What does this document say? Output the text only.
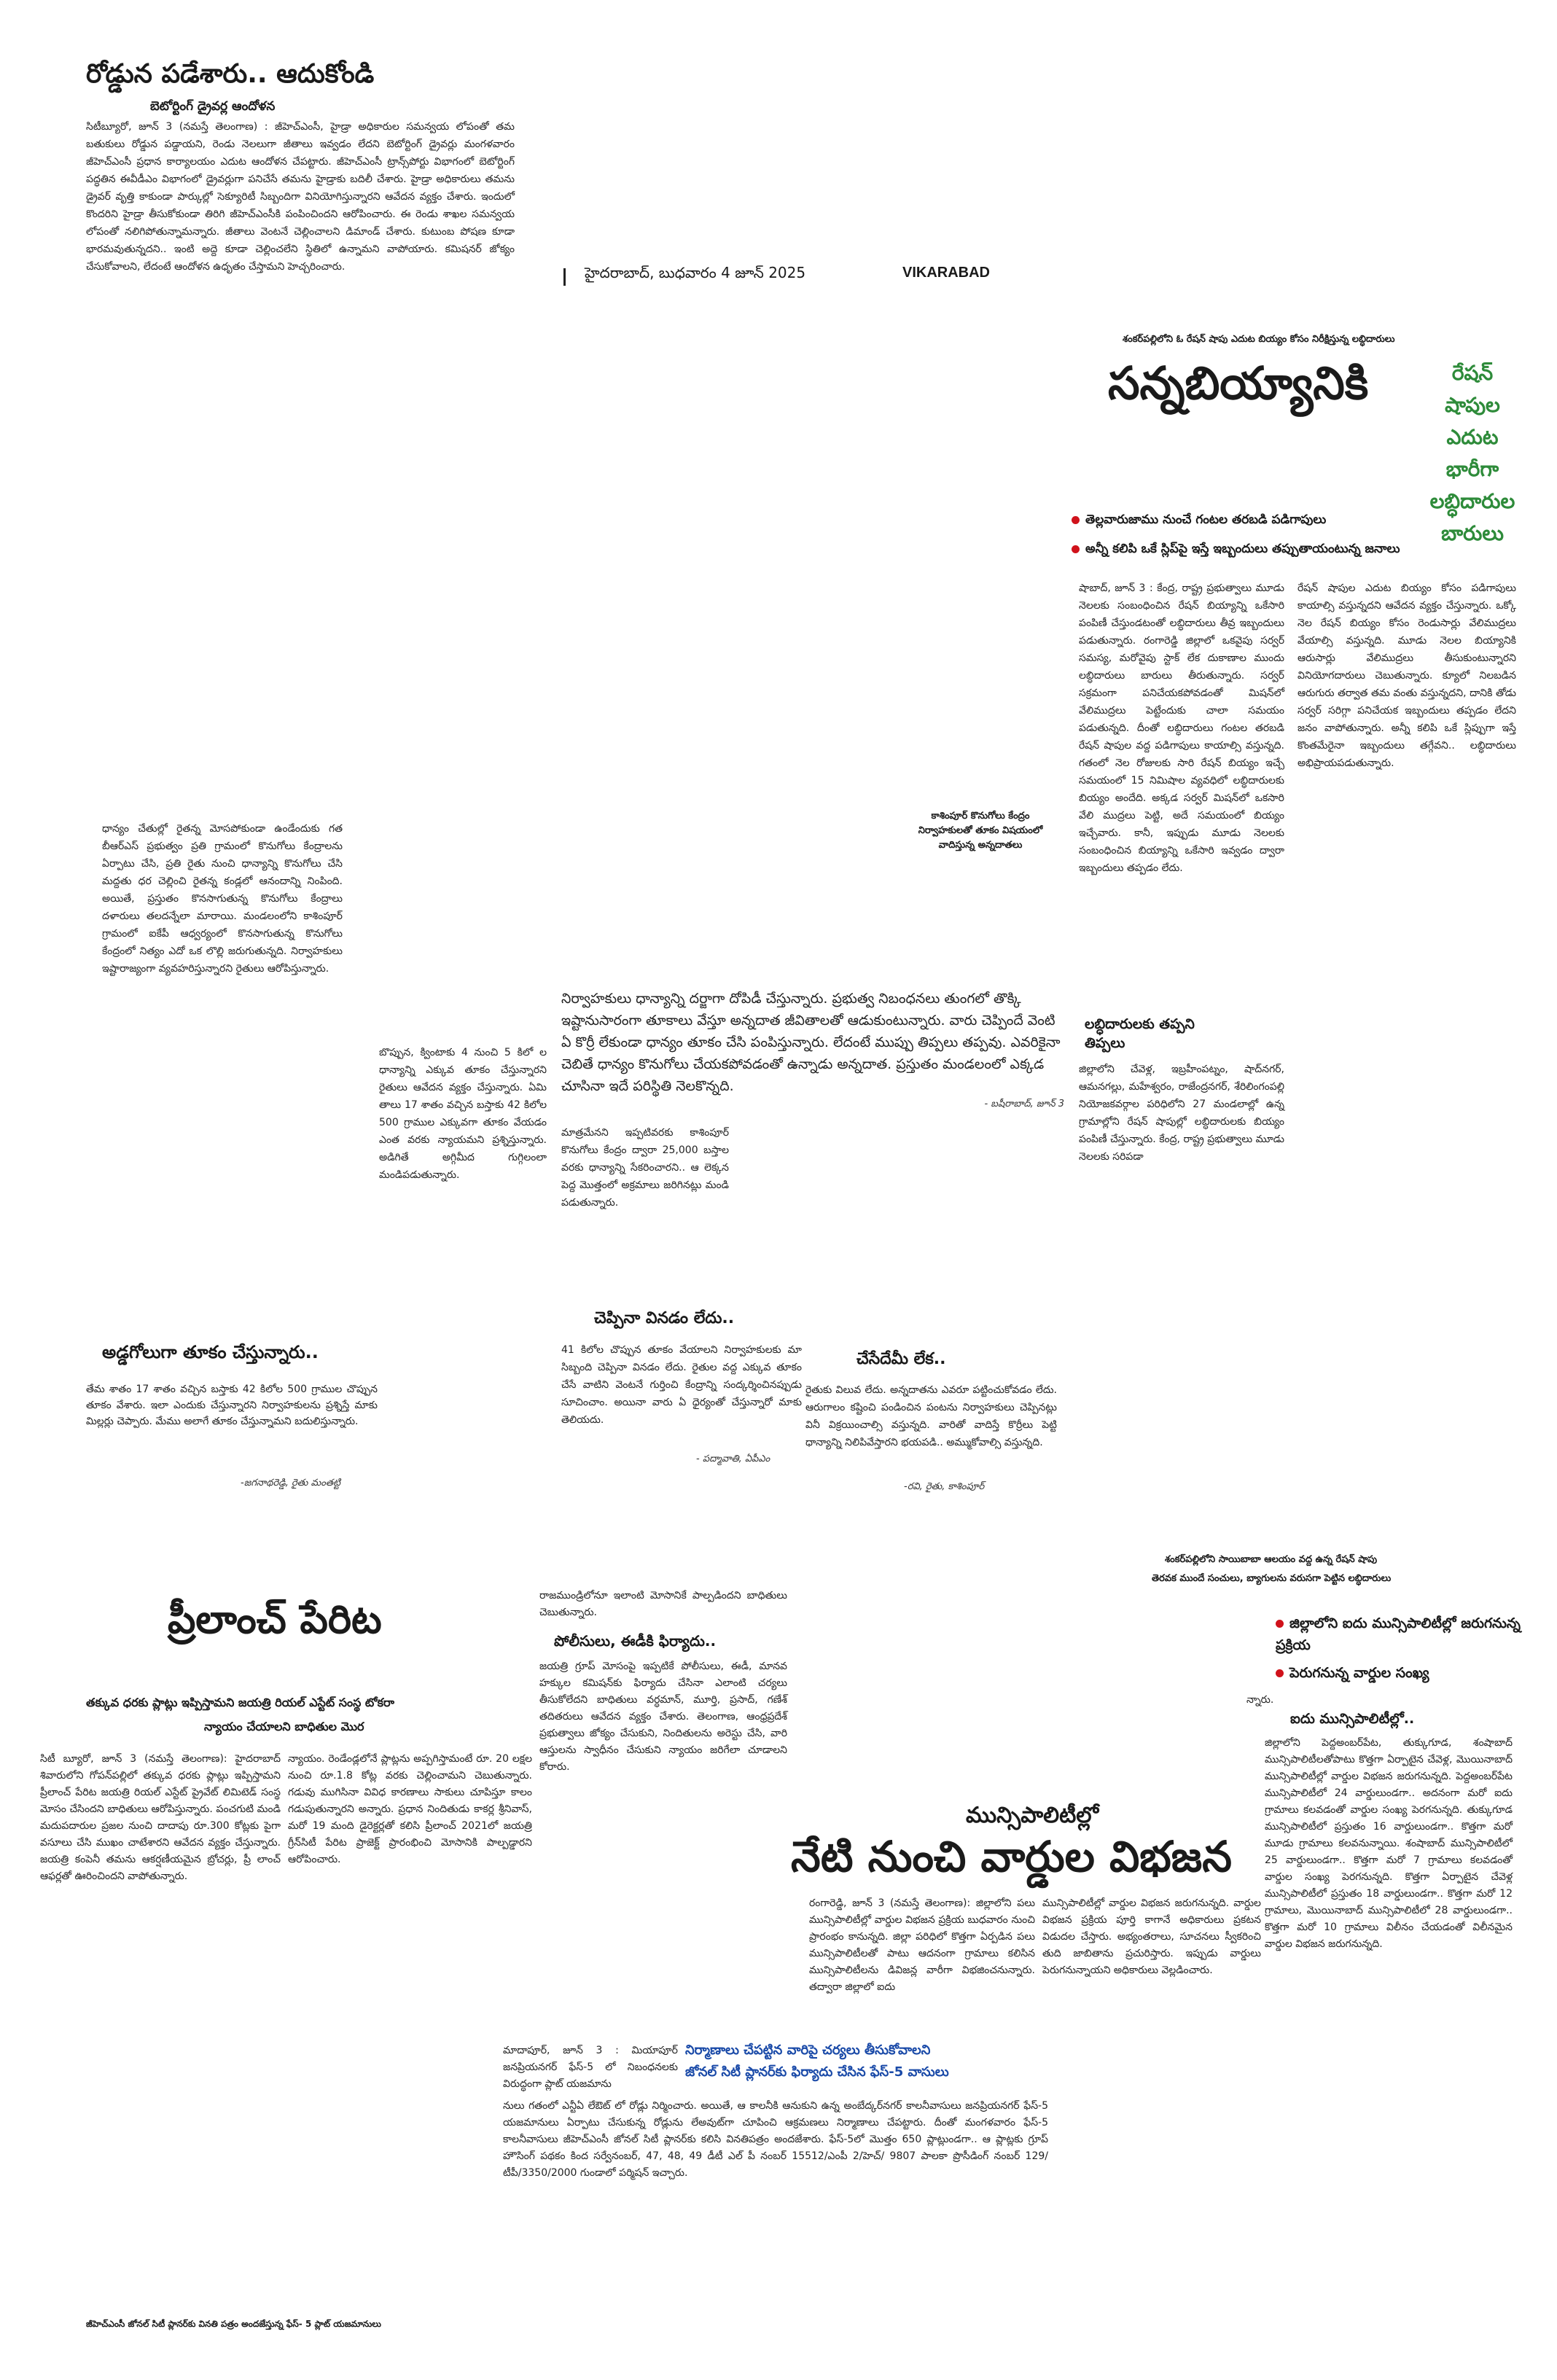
రోడ్డున పడేశారు.. ఆదుకోండి
బెటోర్టింగ్ డ్రైవర్ల ఆందోళన
సిటీబ్యూరో, జూన్ 3 (నమస్తే తెలంగాణ) : జీహెచ్ఎంసీ, హైడ్రా అధికారుల సమన్వయ లోపంతో తమ బతుకులు రోడ్డున పడ్డాయని, రెండు నెలలుగా జీతాలు ఇవ్వడం లేదని బెటోర్టింగ్ డ్రైవర్లు మంగళవారం జీహెచ్ఎంసీ ప్రధాన కార్యాలయం ఎదుట ఆందోళన చేపట్టారు. జీహెచ్ఎంసీ ట్రాన్స్‌పోర్టు విభాగంలో బెటోర్టింగ్ పద్ధతిన ఈవీడీఎం విభాగంలో డ్రైవర్లుగా పనిచేసే తమను హైడ్రాకు బదిలీ చేశారు. హైడ్రా అధికారులు తమను డ్రైవర్ వృత్తి కాకుండా పార్కుల్లో సెక్యూరిటీ సిబ్బందిగా వినియోగిస్తున్నారని ఆవేదన వ్యక్తం చేశారు. ఇందులో కొందరిని హైడ్రా తీసుకోకుండా తిరిగి జీహెచ్ఎంసీకి పంపించిందని ఆరోపించారు. ఈ రెండు శాఖల సమన్వయ లోపంతో నలిగిపోతున్నామన్నారు. జీతాలు వెంటనే చెల్లించాలని డిమాండ్ చేశారు. కుటుంబ పోషణ కూడా భారమవుతున్నదని.. ఇంటి అద్దె కూడా చెల్లించలేని స్థితిలో ఉన్నామని వాపోయారు. కమిషనర్ జోక్యం చేసుకోవాలని, లేదంటే ఆందోళన ఉధృతం చేస్తామని హెచ్చరించారు.	హైదరాబాద్, బుధవారం 4 జూన్ 2025	VIKARABAD
శంకర్‌పల్లిలోని ఓ రేషన్ షాపు ఎదుట బియ్యం కోసం నిరీక్షిస్తున్న లబ్ధిదారులు
సన్నబియ్యానికి	రేషన్
షాపుల
ఎదుట
భారీగా
లబ్ధిదారుల
బారులు
తెల్లవారుజాము నుంచే గంటల తరబడి పడిగాపులు
అన్నీ కలిపి ఒకే స్లిప్‌పై ఇస్తే ఇబ్బందులు తప్పుతాయంటున్న జనాలు
షాబాద్, జూన్ 3 : కేంద్ర, రాష్ట్ర ప్రభుత్వాలు మూడు నెలలకు సంబంధించిన రేషన్ బియ్యాన్ని ఒకేసారి పంపిణీ చేస్తుండటంతో లబ్ధిదారులు తీవ్ర ఇబ్బందులు పడుతున్నారు. రంగారెడ్డి జిల్లాలో ఒకవైపు సర్వర్ సమస్య, మరోవైపు స్టాక్ లేక దుకాణాల ముందు లబ్ధిదారులు బారులు తీరుతున్నారు. సర్వర్ సక్రమంగా పనిచేయకపోవడంతో మిషన్‌లో వేలిముద్రలు పెట్టేందుకు చాలా సమయం పడుతున్నది. దీంతో లబ్ధిదారులు గంటల తరబడి రేషన్ షాపుల వద్ద పడిగాపులు కాయాల్సి వస్తున్నది. గతంలో నెల రోజులకు సారి రేషన్ బియ్యం ఇచ్చే సమయంలో 15 నిమిషాల వ్యవధిలో లబ్ధిదారులకు బియ్యం అందేది. అక్కడ సర్వర్ మిషన్‌లో ఒకసారి వేలి ముద్రలు పెట్టి, అదే సమయంలో బియ్యం ఇచ్చేవారు. కానీ, ఇప్పుడు మూడు నెలలకు సంబంధించిన బియ్యాన్ని ఒకేసారి ఇవ్వడం ద్వారా ఇబ్బందులు తప్పడం లేదు.
రేషన్ షాపుల ఎదుట బియ్యం కోసం పడిగాపులు కాయాల్సి వస్తున్నదని ఆవేదన వ్యక్తం చేస్తున్నారు. ఒక్కో నెల రేషన్ బియ్యం కోసం రెండుసార్లు వేలిముద్రలు వేయాల్సి వస్తున్నది. మూడు నెలల బియ్యానికి ఆరుసార్లు వేలిముద్రలు తీసుకుంటున్నారని వినియోగదారులు చెబుతున్నారు. క్యూలో నిలబడిన ఆరుగురు తర్వాత తమ వంతు వస్తున్నదని, దానికి తోడు సర్వర్ సరిగ్గా పనిచేయక ఇబ్బందులు తప్పడం లేదని జనం వాపోతున్నారు. అన్నీ కలిపి ఒకే స్లిప్పుగా ఇస్తే కొంతమేరైనా ఇబ్బందులు తగ్గేవని.. లబ్ధిదారులు అభిప్రాయపడుతున్నారు.
లబ్ధిదారులకు తప్పని తిప్పలు
జిల్లాలోని చేవెళ్ల, ఇబ్రహీంపట్నం, షాద్‌నగర్, ఆమనగల్లు, మహేశ్వరం, రాజేంద్రనగర్, శేరిలింగంపల్లి నియోజకవర్గాల పరిధిలోని 27 మండలాల్లో ఉన్న గ్రామాల్లోని రేషన్ షాపుల్లో లబ్ధిదారులకు బియ్యం పంపిణీ చేస్తున్నారు. కేంద్ర, రాష్ట్ర ప్రభుత్వాలు మూడు నెలలకు సరిపడా
కాశింపూర్ కొనుగోలు కేంద్రం నిర్వాహకులతో తూకం విషయంలో వాదిస్తున్న అన్నదాతలు
ధాన్యం చేతుల్లో రైతన్న మోసపోకుండా ఉండేందుకు గత బీఆర్‌ఎస్ ప్రభుత్వం ప్రతి గ్రామంలో కొనుగోలు కేంద్రాలను ఏర్పాటు చేసి, ప్రతి రైతు నుంచి ధాన్యాన్ని కొనుగోలు చేసి మద్దతు ధర చెల్లించి రైతన్న కండ్లలో ఆనందాన్ని నింపింది. అయితే, ప్రస్తుతం కొనసాగుతున్న కొనుగోలు కేంద్రాలు దళారులు తలదన్నేలా మారాయి. మండలంలోని కాశింపూర్ గ్రామంలో ఐకేపీ ఆధ్వర్యంలో కొనసాగుతున్న కొనుగోలు కేంద్రంలో నిత్యం ఎదో ఒక లొల్లి జరుగుతున్నది. నిర్వాహకులు ఇష్టారాజ్యంగా వ్యవహరిస్తున్నారని రైతులు ఆరోపిస్తున్నారు.
నిర్వాహకులు ధాన్యాన్ని దర్జాగా దోపిడీ చేస్తున్నారు. ప్రభుత్వ నిబంధనలు తుంగలో తొక్కి ఇష్టానుసారంగా తూకాలు వేస్తూ అన్నదాత జీవితాలతో ఆడుకుంటున్నారు. వారు చెప్పిందే వెంటి ఏ కొర్రీ లేకుండా ధాన్యం తూకం చేసి పంపిస్తున్నారు. లేదంటే ముప్పు తిప్పలు తప్పవు. ఎవరికైనా చెబితే ధాన్యం కొనుగోలు చేయకపోవడంతో ఉన్నాడు అన్నదాత. ప్రస్తుతం మండలంలో ఎక్కడ చూసినా ఇదే పరిస్థితి నెలకొన్నది.
- బషీరాబాద్, జూన్ 3
బొప్పున, క్వింటాకు 4 నుంచి 5 కిలో ల ధాన్యాన్ని ఎక్కువ తూకం చేస్తున్నారని రైతులు ఆవేదన వ్యక్తం చేస్తున్నారు. ఏమి తాలు 17 శాతం వచ్చిన బస్తాకు 42 కిలోల 500 గ్రాముల ఎక్కువగా తూకం వేయడం ఎంత వరకు న్యాయమని ప్రశ్నిస్తున్నారు. అడిగితే అగ్గిమీద గుగ్గిలంలా మండిపడుతున్నారు.
మాత్రమేనని ఇప్పటివరకు కాశింపూర్ కొనుగోలు కేంద్రం ద్వారా 25,000 బస్తాల వరకు ధాన్యాన్ని సేకరించారని.. ఆ లెక్కన పెద్ద మొత్తంలో అక్రమాలు జరిగినట్లు మండి పడుతున్నారు.
అడ్డగోలుగా తూకం చేస్తున్నారు..
తేమ శాతం 17 శాతం వచ్చిన బస్తాకు 42 కిలోల 500 గ్రాముల చొప్పున తూకం వేశారు. ఇలా ఎందుకు చేస్తున్నారని నిర్వాహకులను ప్రశ్నిస్తే మాకు మిల్లర్లు చెప్పారు. మేము అలాగే తూకం చేస్తున్నామని బదులిస్తున్నారు.
-జగనాథరెడ్డి, రైతు మంతట్టి
చెప్పినా వినడం లేదు..
41 కిలోల చొప్పున తూకం వేయాలని నిర్వాహకులకు మా సిబ్బంది చెప్పినా వినడం లేదు. రైతుల వద్ద ఎక్కువ తూకం చేసే వాటిని వెంటనే గుర్తించి కేంద్రాన్ని సంద్కర్శించినప్పుడు సూచించాం. అయినా వారు ఏ ధైర్యంతో చేస్తున్నారో మాకు తెలియదు.
- పద్మావాతి, ఏపీఎం
చేసేదేమీ లేక..
రైతుకు విలువ లేదు. అన్నదాతను ఎవరూ పట్టించుకోవడం లేదు. ఆరుగాలం కష్టించి పండించిన పంటను నిర్వాహకులు చెప్పినట్లు వినీ విక్రయించాల్సి వస్తున్నది. వారితో వాదిస్తే కొర్రీలు పెట్టి ధాన్యాన్ని నిలిపివేస్తారని భయపడి.. అమ్ముకోవాల్సి వస్తున్నది.
-రవి, రైతు, కాశింపూర్
శంకర్‌పల్లిలోని సాయిబాబా ఆలయం వద్ద ఉన్న రేషన్ షాపు
తెరవక ముందే సంచులు, బ్యాగులను వరుసగా పెట్టిన లబ్ధిదారులు
ప్రీలాంచ్ పేరిట
తక్కువ ధరకు ప్లాట్లు ఇప్పిస్తామని జయత్రి రియల్ ఎస్టేట్ సంస్థ టోకరా
న్యాయం చేయాలని బాధితుల మొర
సిటీ బ్యూరో, జూన్ 3 (నమస్తే తెలంగాణ): హైదరాబాద్ శివారులోని గోపన్‌పల్లిలో తక్కువ ధరకు ప్లాట్లు ఇప్పిస్తామని ప్రీలాంచ్ పేరిట జయత్రి రియల్ ఎస్టేట్ ప్రైవేట్ లిమిటెడ్ సంస్థ మోసం చేసిందని బాధితులు ఆరోపిస్తున్నారు. పంచగుటి మండి మదుపదారుల ప్రజల నుంచి దాదాపు రూ.300 కోట్లకు పైగా వసూలు చేసి ముఖం చాటేశారని ఆవేదన వ్యక్తం చేస్తున్నారు. జయత్రి కంపెనీ తమను ఆకర్షణీయమైన బ్రోచర్లు, ప్రీ లాంచ్ ఆఫర్లతో ఊరించిందని వాపోతున్నారు.
న్యాయం. రెండేండ్లలోనే ప్లాట్లను అప్పగిస్తామంటే రూ. 20 లక్షల నుంచి రూ.1.8 కోట్ల వరకు చెల్లించామని చెబుతున్నారు. గడువు ముగిసినా వివిధ కారణాలు సాకులు చూపిస్తూ కాలం గడుపుతున్నారని అన్నారు. ప్రధాన నిందితుడు కాకర్ల శ్రీనివాస్, మరో 19 మంది డైరెక్టర్లతో కలిసి ప్రీలాంచ్ 2021లో జయత్రి గ్రీన్‌సిటీ పేరిట ప్రాజెక్ట్ ప్రారంభించి మోసానికి పాల్పడ్డారని ఆరోపించారు.
రాజముండ్రిలోనూ ఇలాంటి మోసానికే పాల్పడిందని బాధితులు చెబుతున్నారు.
పోలీసులు, ఈడీకి ఫిర్యాదు..
జయత్రి గ్రూప్ మోసంపై ఇప్పటికే పోలీసులు, ఈడీ, మానవ హక్కుల కమిషన్‌కు ఫిర్యాదు చేసినా ఎలాంటి చర్యలు తీసుకోలేదని బాధితులు వర్ధమాన్, మూర్తి, ప్రసాద్, గణేశ్ తదితరులు ఆవేదన వ్యక్తం చేశారు. తెలంగాణ, ఆంధ్రప్రదేశ్ ప్రభుత్వాలు జోక్యం చేసుకుని, నిందితులను అరెస్టు చేసి, వారి ఆస్తులను స్వాధీనం చేసుకుని న్యాయం జరిగేలా చూడాలని కోరారు.
జిల్లాలోని ఐదు మున్సిపాలిటీల్లో జరుగనున్న ప్రక్రియ
పెరుగనున్న వార్డుల సంఖ్య
న్నారు.
ఐదు మున్సిపాలిటీల్లో..
జిల్లాలోని పెద్దఅంబర్‌పేట, తుక్కుగూడ, శంషాబాద్ మున్సిపాలిటీలతోపాటు కొత్తగా ఏర్పాటైన చేవెళ్ల, మొయినాబాద్ మున్సిపాలిటీల్లో వార్డుల విభజన జరుగనున్నది. పెద్దఅంబర్‌పేట మున్సిపాలిటీలో 24 వార్డులుండగా.. అదనంగా మరో ఐదు గ్రామాలు కలవడంతో వార్డుల సంఖ్య పెరగనున్నది. తుక్కుగూడ మున్సిపాలిటీలో ప్రస్తుతం 16 వార్డులుండగా.. కొత్తగా మరో మూడు గ్రామాలు కలవనున్నాయి. శంషాబాద్ మున్సిపాలిటీలో 25 వార్డులుండగా.. కొత్తగా మరో 7 గ్రామాలు కలవడంతో వార్డుల సంఖ్య పెరగనున్నది. కొత్తగా ఏర్పాటైన చేవెళ్ల మున్సిపాలిటీలో ప్రస్తుతం 18 వార్డులుండగా.. కొత్తగా మరో 12 గ్రామాలు, మొయినాబాద్ మున్సిపాలిటీలో 28 వార్డులుండగా.. కొత్తగా మరో 10 గ్రామాలు విలీనం చేయడంతో విలీనమైన వార్డుల విభజన జరుగనున్నది.
మున్సిపాలిటీల్లో
నేటి నుంచి వార్డుల విభజన
రంగారెడ్డి, జూన్ 3 (నమస్తే తెలంగాణ): జిల్లాలోని పలు మున్సిపాలిటీల్లో వార్డుల విభజన ప్రక్రియ బుధవారం నుంచి ప్రారంభం కానున్నది. జిల్లా పరిధిలో కొత్తగా ఏర్పడిన పలు మున్సిపాలిటీలతో పాటు ఆదనంగా గ్రామాలు కలిసిన మున్సిపాలిటీలను డివిజన్ల వారీగా విభజించనున్నారు. తద్వారా జిల్లాలో ఐదు
మున్సిపాలిటీల్లో వార్డుల విభజన జరుగనున్నది. వార్డుల విభజన ప్రక్రియ పూర్తి కాగానే అధికారులు ప్రకటన విడుదల చేస్తారు. అభ్యంతరాలు, సూచనలు స్వీకరించి తుది జాబితాను ప్రచురిస్తారు. ఇప్పుడు వార్డులు పెరుగనున్నాయని అధికారులు వెల్లడించారు.
నిర్మాణాలు చేపట్టిన వారిపై చర్యలు తీసుకోవాలని
జోనల్ సిటీ ప్లానర్‌కు ఫిర్యాదు చేసిన ఫేస్-5 వాసులు
మాదాపూర్, జూన్ 3 : మియాపూర్ జనప్రియనగర్ ఫేస్-5 లో నిబంధనలకు విరుద్ధంగా ప్లాట్ యజమాను
నులు గతంలో ఎన్టీఏ లేఔట్ లో రోడ్లు నిర్మించారు. అయితే, ఆ కాలనీకి ఆనుకుని ఉన్న అంబేద్కర్‌నగర్ కాలనీవాసులు జనప్రియనగర్ ఫేస్-5 యజమానులు ఏర్పాటు చేసుకున్న రోడ్లును లేఅవుట్‌గా చూపించి ఆక్రమణలు నిర్మాణాలు చేపట్టారు. దీంతో మంగళవారం ఫేస్-5 కాలనీవాసులు జీహెచ్ఎంసీ జోనల్ సిటీ ప్లానర్‌కు కలిసి వినతిపత్రం అందజేశారు. ఫేస్-5లో మొత్తం 650 ప్లాట్లుండగా.. ఆ ప్లాట్లకు గ్రూప్ హౌసింగ్ పథకం కింద సర్వేనంబర్, 47, 48, 49 డీటీ ఎల్ పీ నంబర్ 15512/ఎంపీ 2/హెచ్/ 9807 పాలకా ప్రొసీడింగ్ నంబర్ 129/ టీపీ/3350/2000 గుండాలో పర్మిషన్ ఇచ్చారు.
జీహెచ్ఎంసీ జోనల్ సిటీ ప్లానర్‌కు వినతి పత్రం అందజేస్తున్న ఫేస్- 5 ప్లాట్ యజమానులు
